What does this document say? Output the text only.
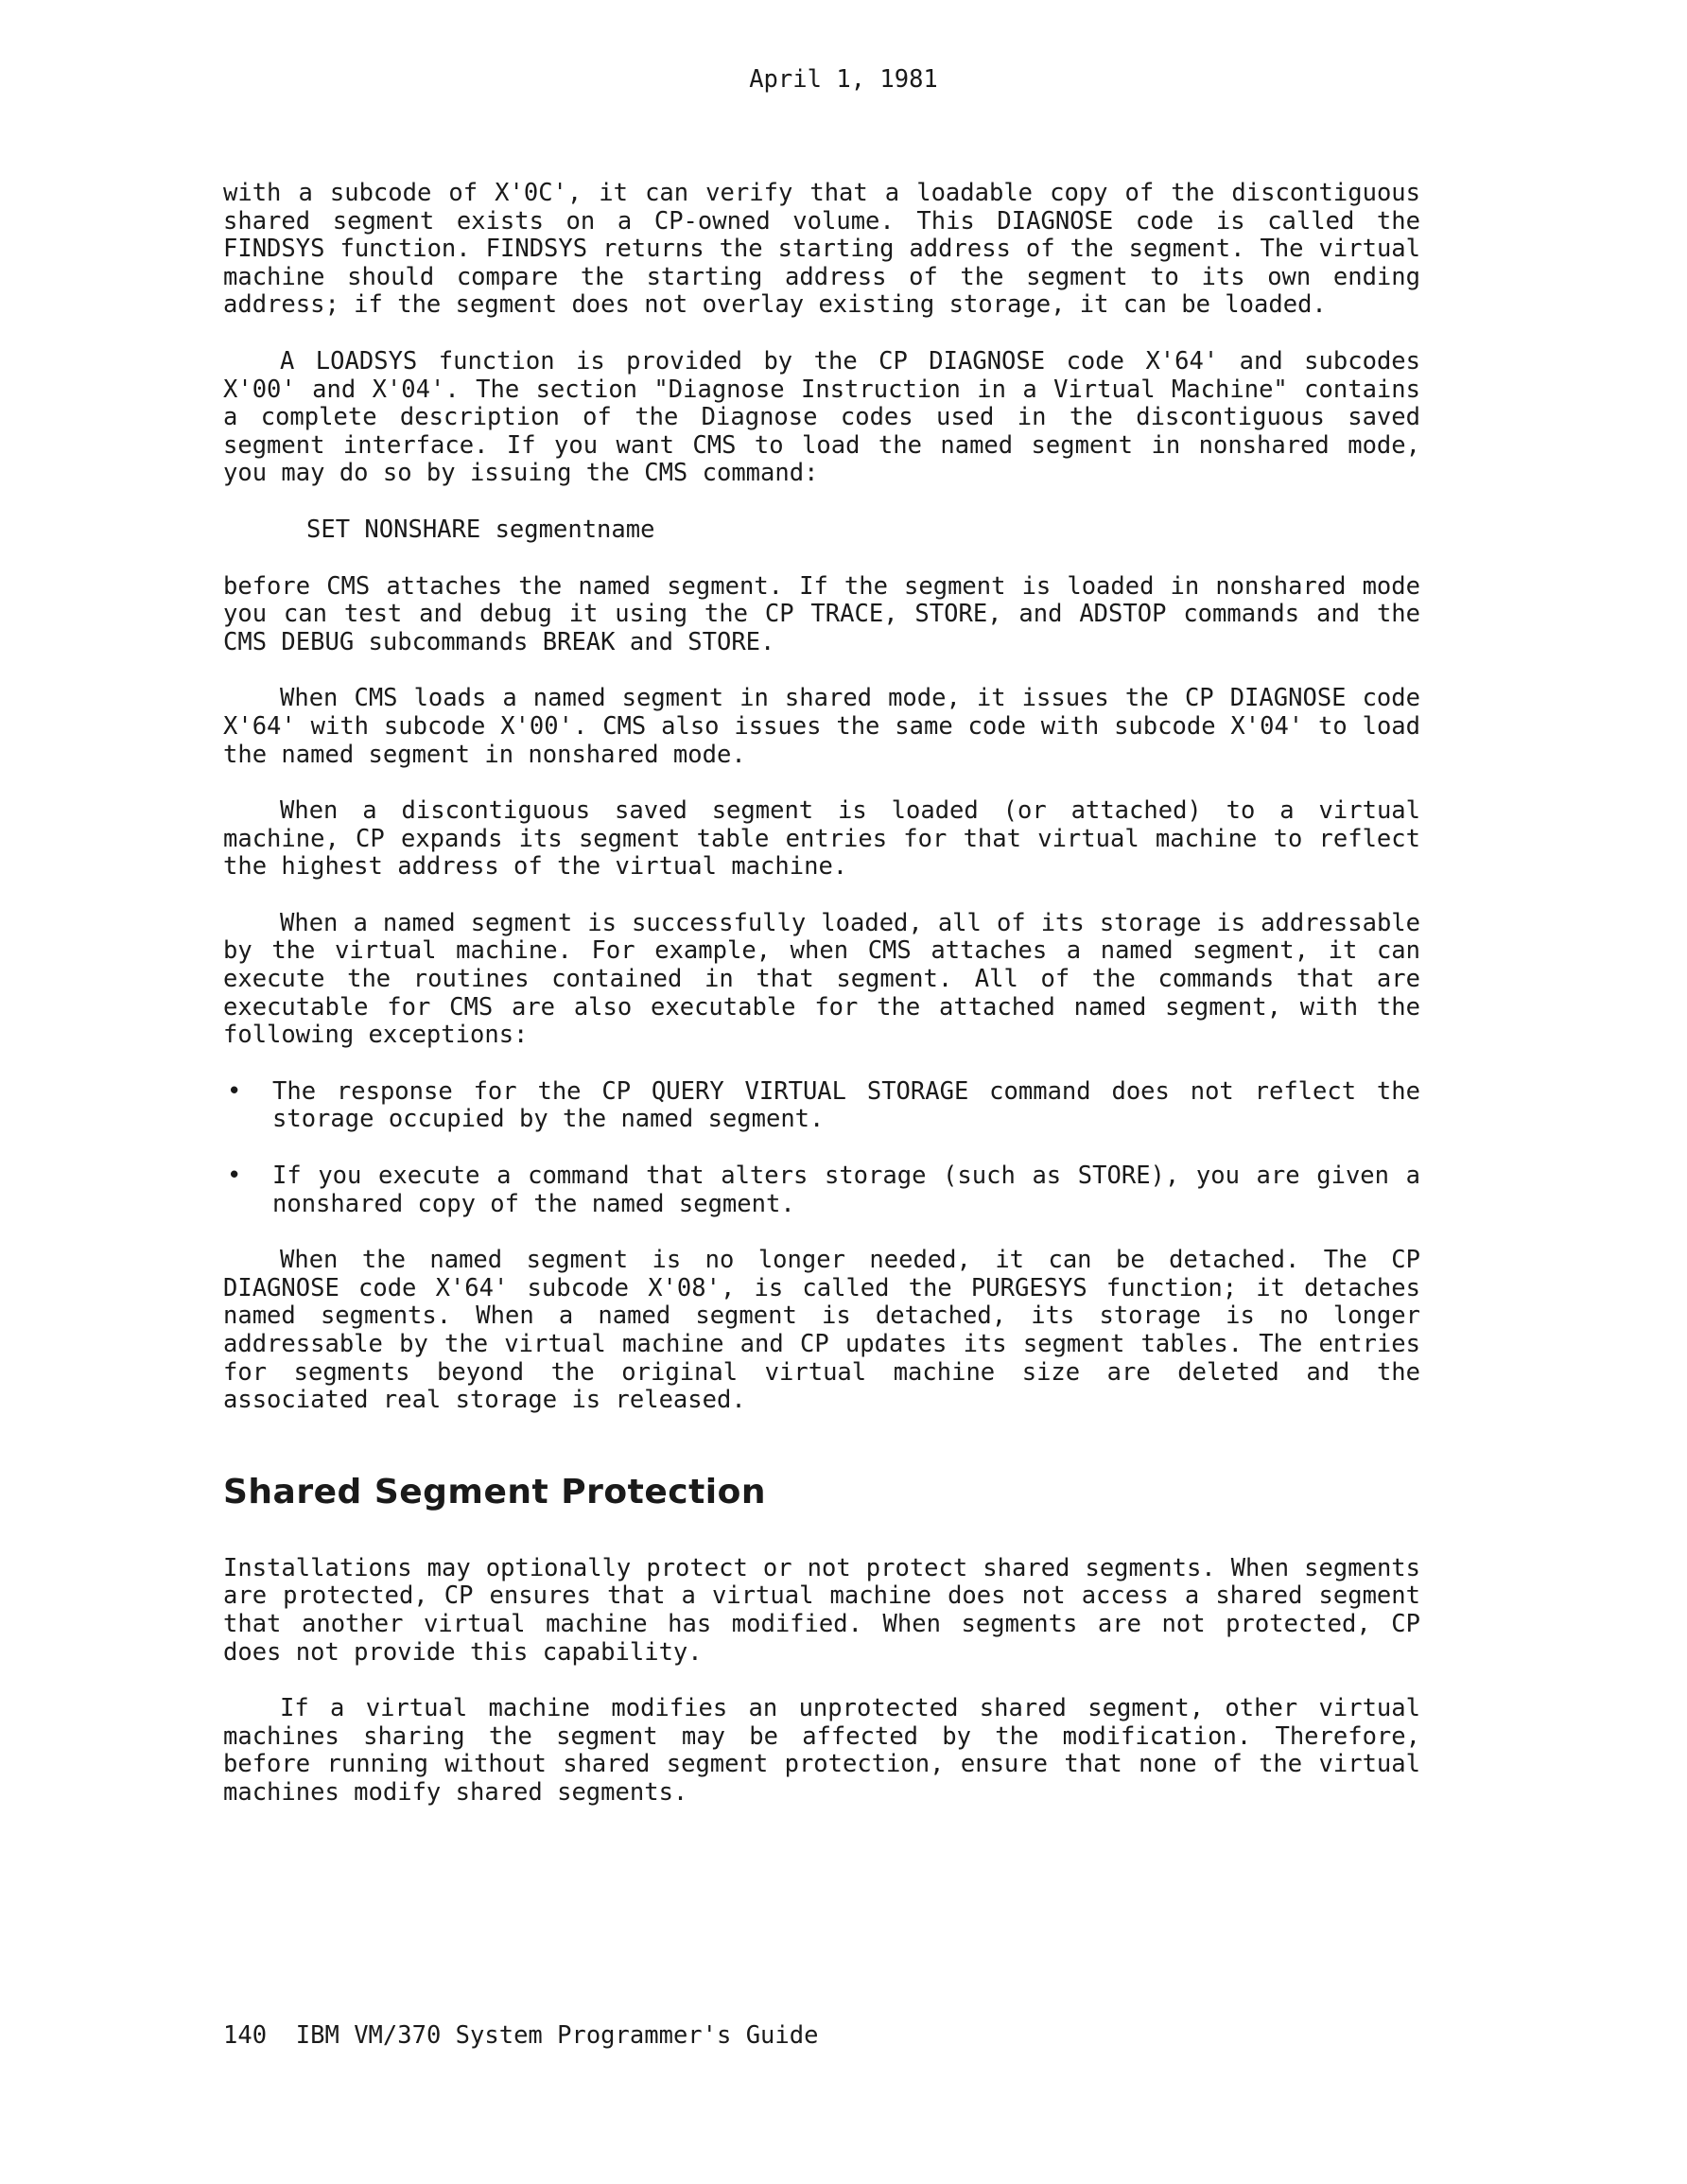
April 1, 1981

with a subcode of X'0C', it can verify that a loadable copy of the discontiguous shared segment exists on a CP-owned volume. This DIAGNOSE code is called the FINDSYS function. FINDSYS returns the starting address of the segment. The virtual machine should compare the starting address of the segment to its own ending address; if the segment does not overlay existing storage, it can be loaded.

A LOADSYS function is provided by the CP DIAGNOSE code X'64' and subcodes X'00' and X'04'. The section "Diagnose Instruction in a Virtual Machine" contains a complete description of the Diagnose codes used in the discontiguous saved segment interface. If you want CMS to load the named segment in nonshared mode, you may do so by issuing the CMS command:

SET NONSHARE segmentname

before CMS attaches the named segment. If the segment is loaded in nonshared mode you can test and debug it using the CP TRACE, STORE, and ADSTOP commands and the CMS DEBUG subcommands BREAK and STORE.

When CMS loads a named segment in shared mode, it issues the CP DIAGNOSE code X'64' with subcode X'00'. CMS also issues the same code with subcode X'04' to load the named segment in nonshared mode.

When a discontiguous saved segment is loaded (or attached) to a virtual machine, CP expands its segment table entries for that virtual machine to reflect the highest address of the virtual machine.

When a named segment is successfully loaded, all of its storage is addressable by the virtual machine. For example, when CMS attaches a named segment, it can execute the routines contained in that segment. All of the commands that are executable for CMS are also executable for the attached named segment, with the following exceptions:

• The response for the CP QUERY VIRTUAL STORAGE command does not reflect the storage occupied by the named segment.
• If you execute a command that alters storage (such as STORE), you are given a nonshared copy of the named segment.

When the named segment is no longer needed, it can be detached. The CP DIAGNOSE code X'64' subcode X'08', is called the PURGESYS function; it detaches named segments. When a named segment is detached, its storage is no longer addressable by the virtual machine and CP updates its segment tables. The entries for segments beyond the original virtual machine size are deleted and the associated real storage is released.

Shared Segment Protection

Installations may optionally protect or not protect shared segments. When segments are protected, CP ensures that a virtual machine does not access a shared segment that another virtual machine has modified. When segments are not protected, CP does not provide this capability.

If a virtual machine modifies an unprotected shared segment, other virtual machines sharing the segment may be affected by the modification. Therefore, before running without shared segment protection, ensure that none of the virtual machines modify shared segments.

140 IBM VM/370 System Programmer's Guide
